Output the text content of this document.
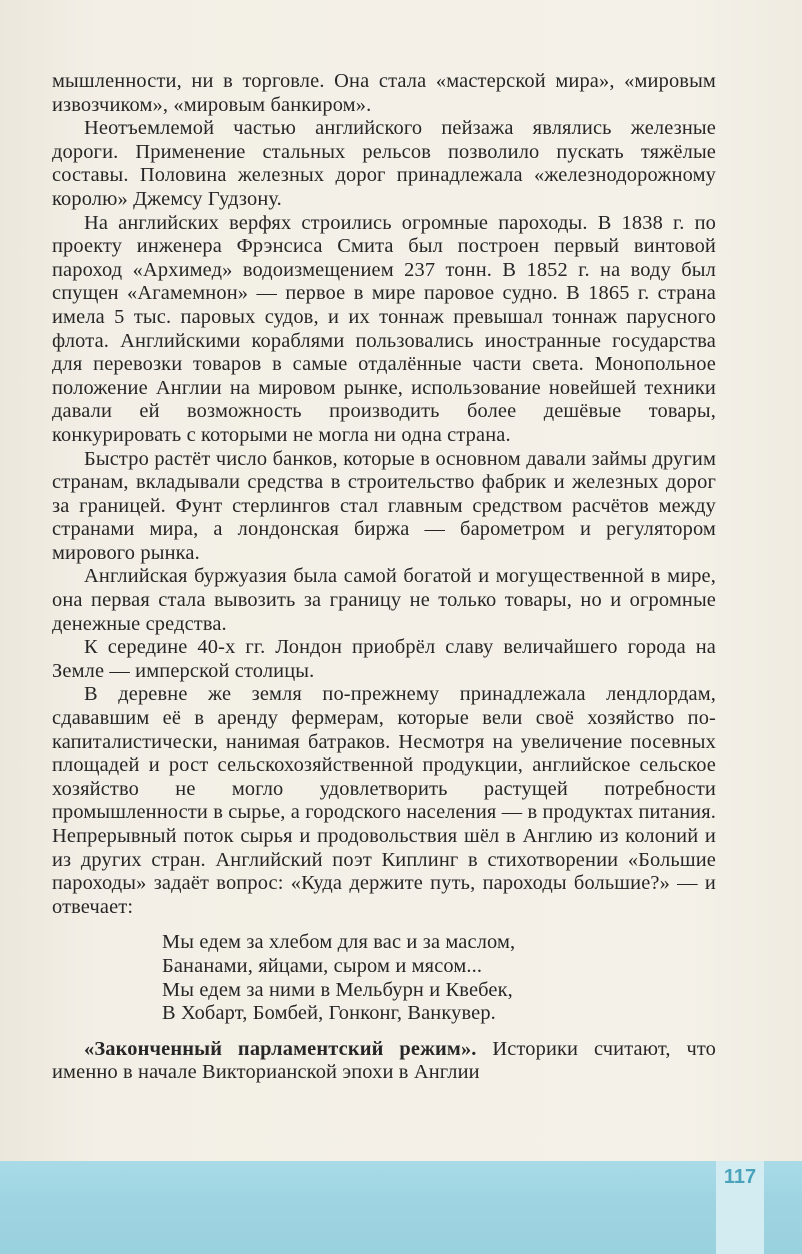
мышленности, ни в торговле. Она стала «мастерской мира», «мировым извозчиком», «мировым банкиром».

Неотъемлемой частью английского пейзажа являлись железные дороги. Применение стальных рельсов позволило пускать тяжёлые составы. Половина железных дорог принадлежала «железнодорожному королю» Джемсу Гудзону.

На английских верфях строились огромные пароходы. В 1838 г. по проекту инженера Фрэнсиса Смита был построен первый винтовой пароход «Архимед» водоизмещением 237 тонн. В 1852 г. на воду был спущен «Агамемнон» — первое в мире паровое судно. В 1865 г. страна имела 5 тыс. паровых судов, и их тоннаж превышал тоннаж парусного флота. Английскими кораблями пользовались иностранные государства для перевозки товаров в самые отдалённые части света. Монопольное положение Англии на мировом рынке, использование новейшей техники давали ей возможность производить более дешёвые товары, конкурировать с которыми не могла ни одна страна.

Быстро растёт число банков, которые в основном давали займы другим странам, вкладывали средства в строительство фабрик и железных дорог за границей. Фунт стерлингов стал главным средством расчётов между странами мира, а лондонская биржа — барометром и регулятором мирового рынка.

Английская буржуазия была самой богатой и могущественной в мире, она первая стала вывозить за границу не только товары, но и огромные денежные средства.

К середине 40-х гг. Лондон приобрёл славу величайшего города на Земле — имперской столицы.

В деревне же земля по-прежнему принадлежала лендлордам, сдававшим её в аренду фермерам, которые вели своё хозяйство по-капиталистически, нанимая батраков. Несмотря на увеличение посевных площадей и рост сельскохозяйственной продукции, английское сельское хозяйство не могло удовлетворить растущей потребности промышленности в сырье, а городского населения — в продуктах питания. Непрерывный поток сырья и продовольствия шёл в Англию из колоний и из других стран. Английский поэт Киплинг в стихотворении «Большие пароходы» задаёт вопрос: «Куда держите путь, пароходы большие?» — и отвечает:

Мы едем за хлебом для вас и за маслом,
Бананами, яйцами, сыром и мясом...
Мы едем за ними в Мельбурн и Квебек,
В Хобарт, Бомбей, Гонконг, Ванкувер.

«Законченный парламентский режим». Историки считают, что именно в начале Викторианской эпохи в Англии

117
